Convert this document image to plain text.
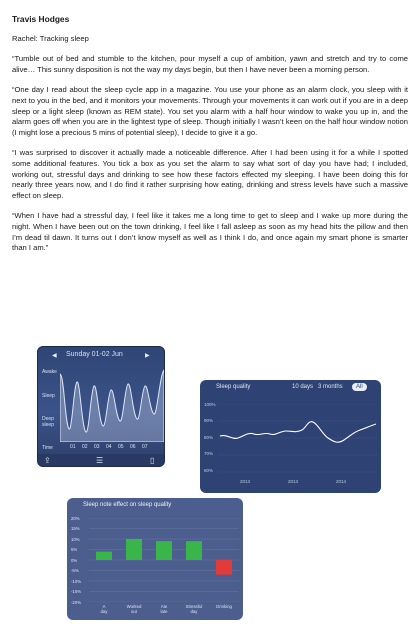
Travis Hodges
Rachel: Tracking sleep

“Tumble out of bed and stumble to the kitchen, pour myself a cup of ambition, yawn and stretch and try to come alive… This sunny disposition is not the way my days begin, but then I have never been a morning person.

“One day I read about the sleep cycle app in a magazine. You use your phone as an alarm clock, you sleep with it next to you in the bed, and it monitors your movements. Through your movements it can work out if you are in a deep sleep or a light sleep (known as REM state). You set you alarm with a half hour window to wake you up in, and the alarm goes off when you are in the lightest type of sleep. Though initially I wasn’t keen on the half hour window notion (I might lose a precious 5 mins of potential sleep), I decide to give it a go.

“I was surprised to discover it actually made a noticeable difference. After I had been using it for a while I spotted some additional features. You tick a box as you set the alarm to say what sort of day you have had; I included, working out, stressful days and drinking to see how these factors effected my sleeping. I have been doing this for nearly three years now, and I do find it rather surprising how eating, drinking and stress levels have such a massive effect on sleep.

“When I have had a stressful day, I feel like it takes me a long time to get to sleep and I wake up more during the night. When I have been out on the town drinking, I feel like I fall asleep as soon as my head hits the pillow and then I’m dead til dawn. It turns out I don’t know myself as well as I think I do, and once again my smart phone is smarter than I am.”

◀ Sunday 01-02 Jun	▶
Awake
Sleep
Deep
sleep
Time	01 02 03 04 05 06 07
⇪	☰	▯
Sleep quality	10 days 3 months	All
100%
90%
80%
70%
60%
2013	2013	2014
Sleep note effect on sleep quality
20%
15%
10%
5%
0%
-5%
-10%
-15%
-20%
A
day
Worked
out
Ate
late
Stressful
day
Drinking
